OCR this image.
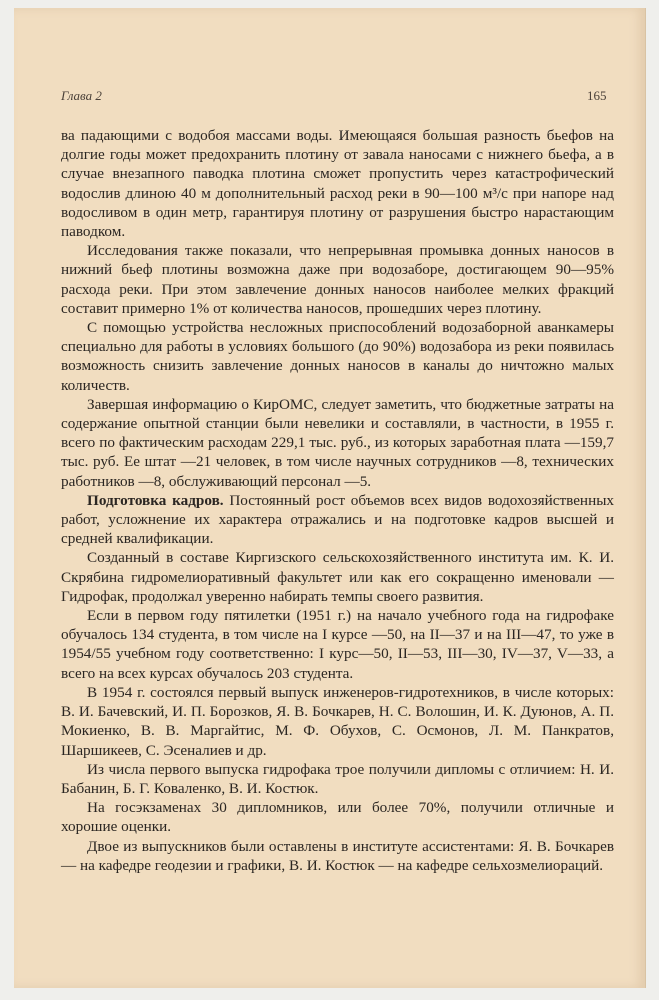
Глава 2	165

ва падающими с водобоя массами воды. Имеющаяся большая разность бьефов на долгие годы может предохранить плотину от завала наносами с нижнего бьефа, а в случае внезапного паводка плотина сможет пропустить через катастрофический водослив длиною 40 м дополнительный расход реки в 90—100 м³/с при напоре над водосливом в один метр, гарантируя плотину от разрушения быстро нарастающим паводком.

Исследования также показали, что непрерывная промывка донных наносов в нижний бьеф плотины возможна даже при водозаборе, достигающем 90—95% расхода реки. При этом завлечение донных наносов наиболее мелких фракций составит примерно 1% от количества наносов, прошедших через плотину.

С помощью устройства несложных приспособлений водозаборной аванкамеры специально для работы в условиях большого (до 90%) водозабора из реки появилась возможность снизить завлечение донных наносов в каналы до ничтожно малых количеств.

Завершая информацию о КирОМС, следует заметить, что бюджетные затраты на содержание опытной станции были невелики и составляли, в частности, в 1955 г. всего по фактическим расходам 229,1 тыс. руб., из которых заработная плата —159,7 тыс. руб. Ее штат —21 человек, в том числе научных сотрудников —8, технических работников —8, обслуживающий персонал —5.

Подготовка кадров. Постоянный рост объемов всех видов водохозяйственных работ, усложнение их характера отражались и на подготовке кадров высшей и средней квалификации.

Созданный в составе Киргизского сельскохозяйственного института им. К. И. Скрябина гидромелиоративный факультет или как его сокращенно именовали — Гидрофак, продолжал уверенно набирать темпы своего развития.

Если в первом году пятилетки (1951 г.) на начало учебного года на гидрофаке обучалось 134 студента, в том числе на I курсе —50, на II—37 и на III—47, то уже в 1954/55 учебном году соответственно: I курс—50, II—53, III—30, IV—37, V—33, а всего на всех курсах обучалось 203 студента.

В 1954 г. состоялся первый выпуск инженеров-гидротехников, в числе которых: В. И. Бачевский, И. П. Борозков, Я. В. Бочкарев, Н. С. Волошин, И. К. Дуюнов, А. П. Мокиенко, В. В. Маргайтис, М. Ф. Обухов, С. Осмонов, Л. М. Панкратов, Шаршикеев, С. Эсеналиев и др.

Из числа первого выпуска гидрофака трое получили дипломы с отличием: Н. И. Бабанин, Б. Г. Коваленко, В. И. Костюк.

На госэкзаменах 30 дипломников, или более 70%, получили отличные и хорошие оценки.

Двое из выпускников были оставлены в институте ассистентами: Я. В. Бочкарев — на кафедре геодезии и графики, В. И. Костюк — на кафедре сельхозмелиораций.
